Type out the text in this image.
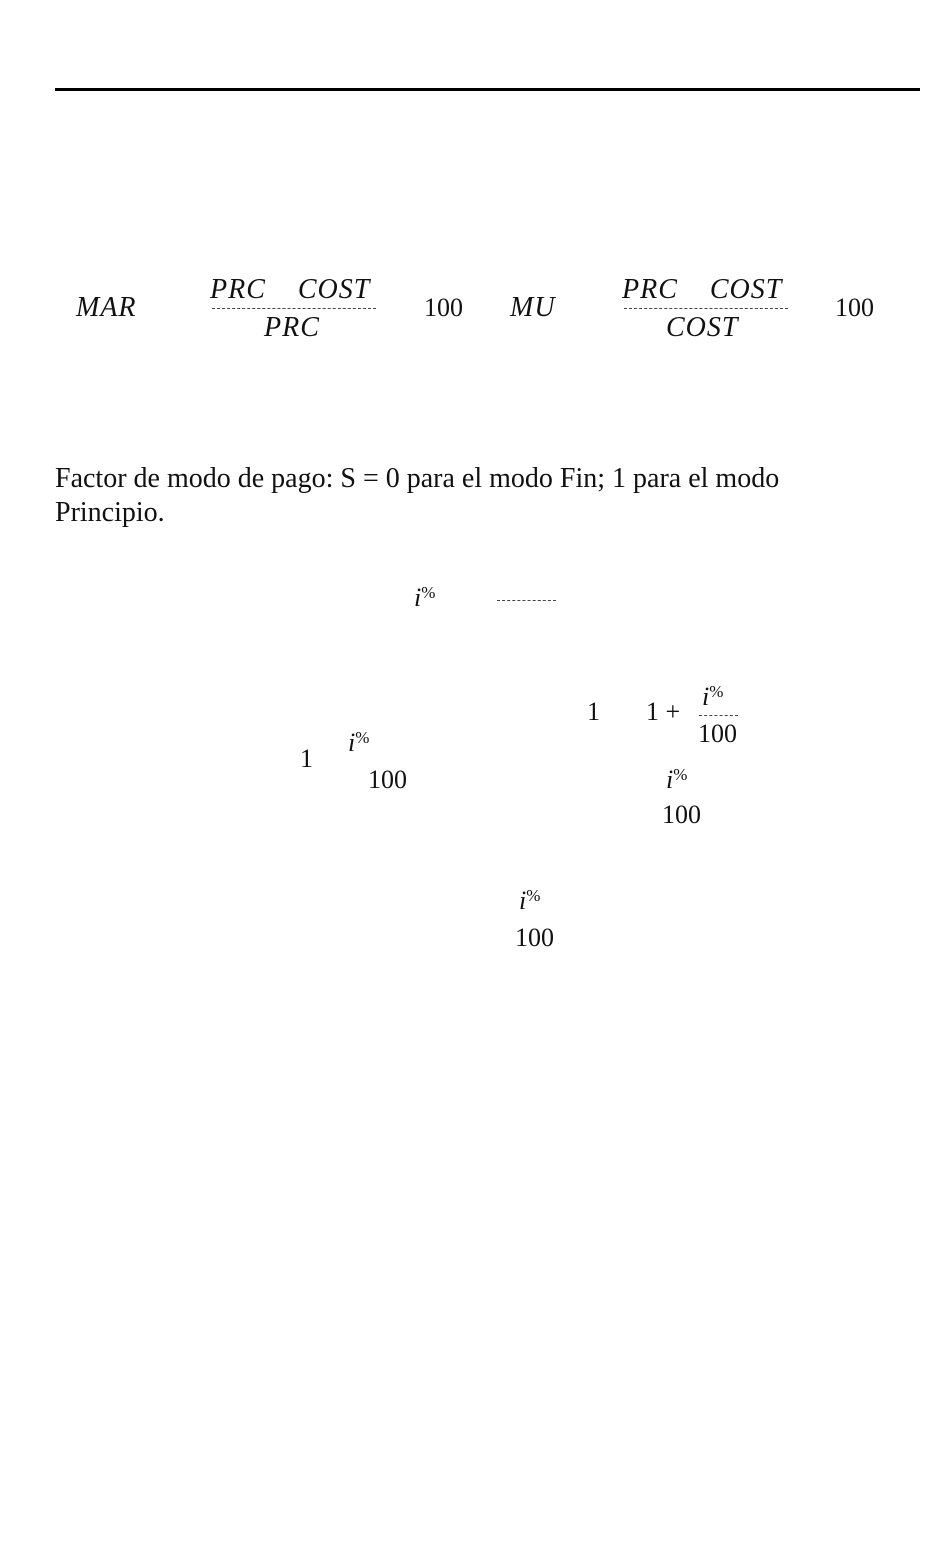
MAR
PRC    COST
PRC
100 MU
PRC    COST
COST
100
Factor de modo de pago: S = 0 para el modo Fin; 1 para el modo Principio.
i%
1
i%
100
1 1 +
i%
100
i%
100
i%
100
